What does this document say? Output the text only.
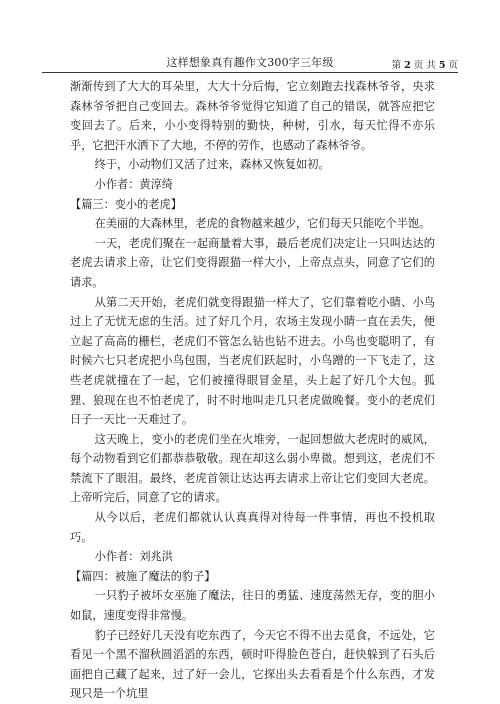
这样想象真有趣作文300字三年级	第 2 页 共 5 页

渐渐传到了大大的耳朵里，大大十分后悔，它立刻跑去找森林爷爷，央求森林爷爷把自己变回去。森林爷爷觉得它知道了自己的错误，就答应把它变回去了。后来，小小变得特别的勤快，种树，引水，每天忙得不亦乐乎，它把汗水洒下了大地，不停的劳作，也感动了森林爷爷。

终于，小动物们又活了过来，森林又恢复如初。

小作者：黄淳绮

【篇三：变小的老虎】

在美丽的大森林里，老虎的食物越来越少，它们每天只能吃个半饱。

一天，老虎们聚在一起商量着大事，最后老虎们决定让一只叫达达的老虎去请求上帝，让它们变得跟猫一样大小，上帝点点头，同意了它们的请求。

从第二天开始，老虎们就变得跟猫一样大了，它们靠着吃小睛、小鸟过上了无忧无虑的生活。过了好几个月，农场主发现小睛一直在丢失，便立起了高高的栅栏，老虎们不管怎么钻也钻不进去。小鸟也变聪明了，有时候六七只老虎把小鸟包围，当老虎们跃起时，小鸟蹭的一下飞走了，这些老虎就撞在了一起，它们被撞得眼冒金星，头上起了好几个大包。狐狸、狼现在也不怕老虎了，时不时地叫走几只老虎做晚餐。变小的老虎们日子一天比一天难过了。

这天晚上，变小的老虎们坐在火堆旁，一起回想做大老虎时的威风，每个动物看到它们都恭恭敬敬。现在却这么弱小卑微。想到这，老虎们不禁流下了眼泪。最终，老虎首领让达达再去请求上帝让它们变回大老虎。上帝听完后，同意了它的请求。

从今以后，老虎们都就认认真真得对待每一件事情，再也不投机取巧。

小作者：刘兆洪

【篇四：被施了魔法的豹子】

一只豹子被坏女巫施了魔法，往日的勇猛、速度荡然无存，变的胆小如鼠，速度变得非常慢。

豹子已经好几天没有吃东西了，今天它不得不出去觅食，不远处，它看见一个黑不溜秋圆滔滔的东西，顿时吓得脸色苍白，赶快躲到了石头后面把自己藏了起来，过了好一会儿，它探出头去看看是个什么东西，才发现只是一个坑里
